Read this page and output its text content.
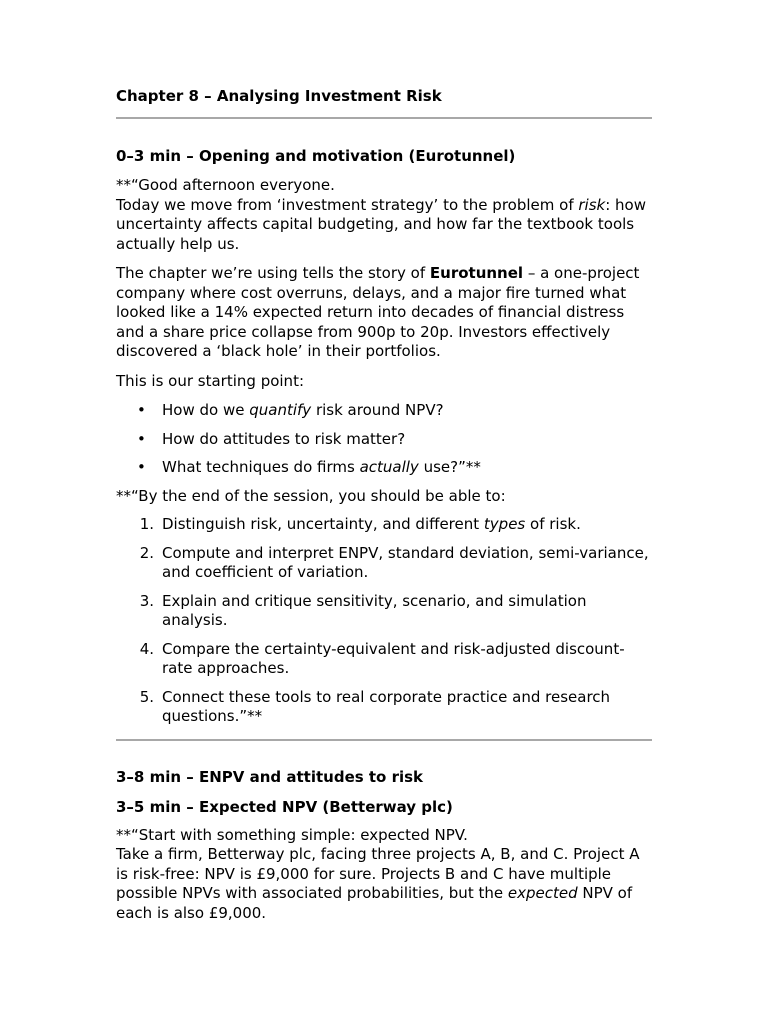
Chapter 8 – Analysing Investment Risk
0–3 min – Opening and motivation (Eurotunnel)

**“Good afternoon everyone.
Today we move from ‘investment strategy’ to the problem of risk: how uncertainty affects capital budgeting, and how far the textbook tools actually help us.

The chapter we’re using tells the story of Eurotunnel – a one-project company where cost overruns, delays, and a major fire turned what looked like a 14% expected return into decades of financial distress and a share price collapse from 900p to 20p. Investors effectively discovered a ‘black hole’ in their portfolios.

This is our starting point:

• How do we quantify risk around NPV?
• How do attitudes to risk matter?
• What techniques do firms actually use?”**

**“By the end of the session, you should be able to:

1. Distinguish risk, uncertainty, and different types of risk.
2. Compute and interpret ENPV, standard deviation, semi-variance, and coefficient of variation.
3. Explain and critique sensitivity, scenario, and simulation analysis.
4. Compare the certainty-equivalent and risk-adjusted discount-rate approaches.
5. Connect these tools to real corporate practice and research questions.”**
3–8 min – ENPV and attitudes to risk
3–5 min – Expected NPV (Betterway plc)

**“Start with something simple: expected NPV.
Take a firm, Betterway plc, facing three projects A, B, and C. Project A is risk-free: NPV is £9,000 for sure. Projects B and C have multiple possible NPVs with associated probabilities, but the expected NPV of each is also £9,000.
